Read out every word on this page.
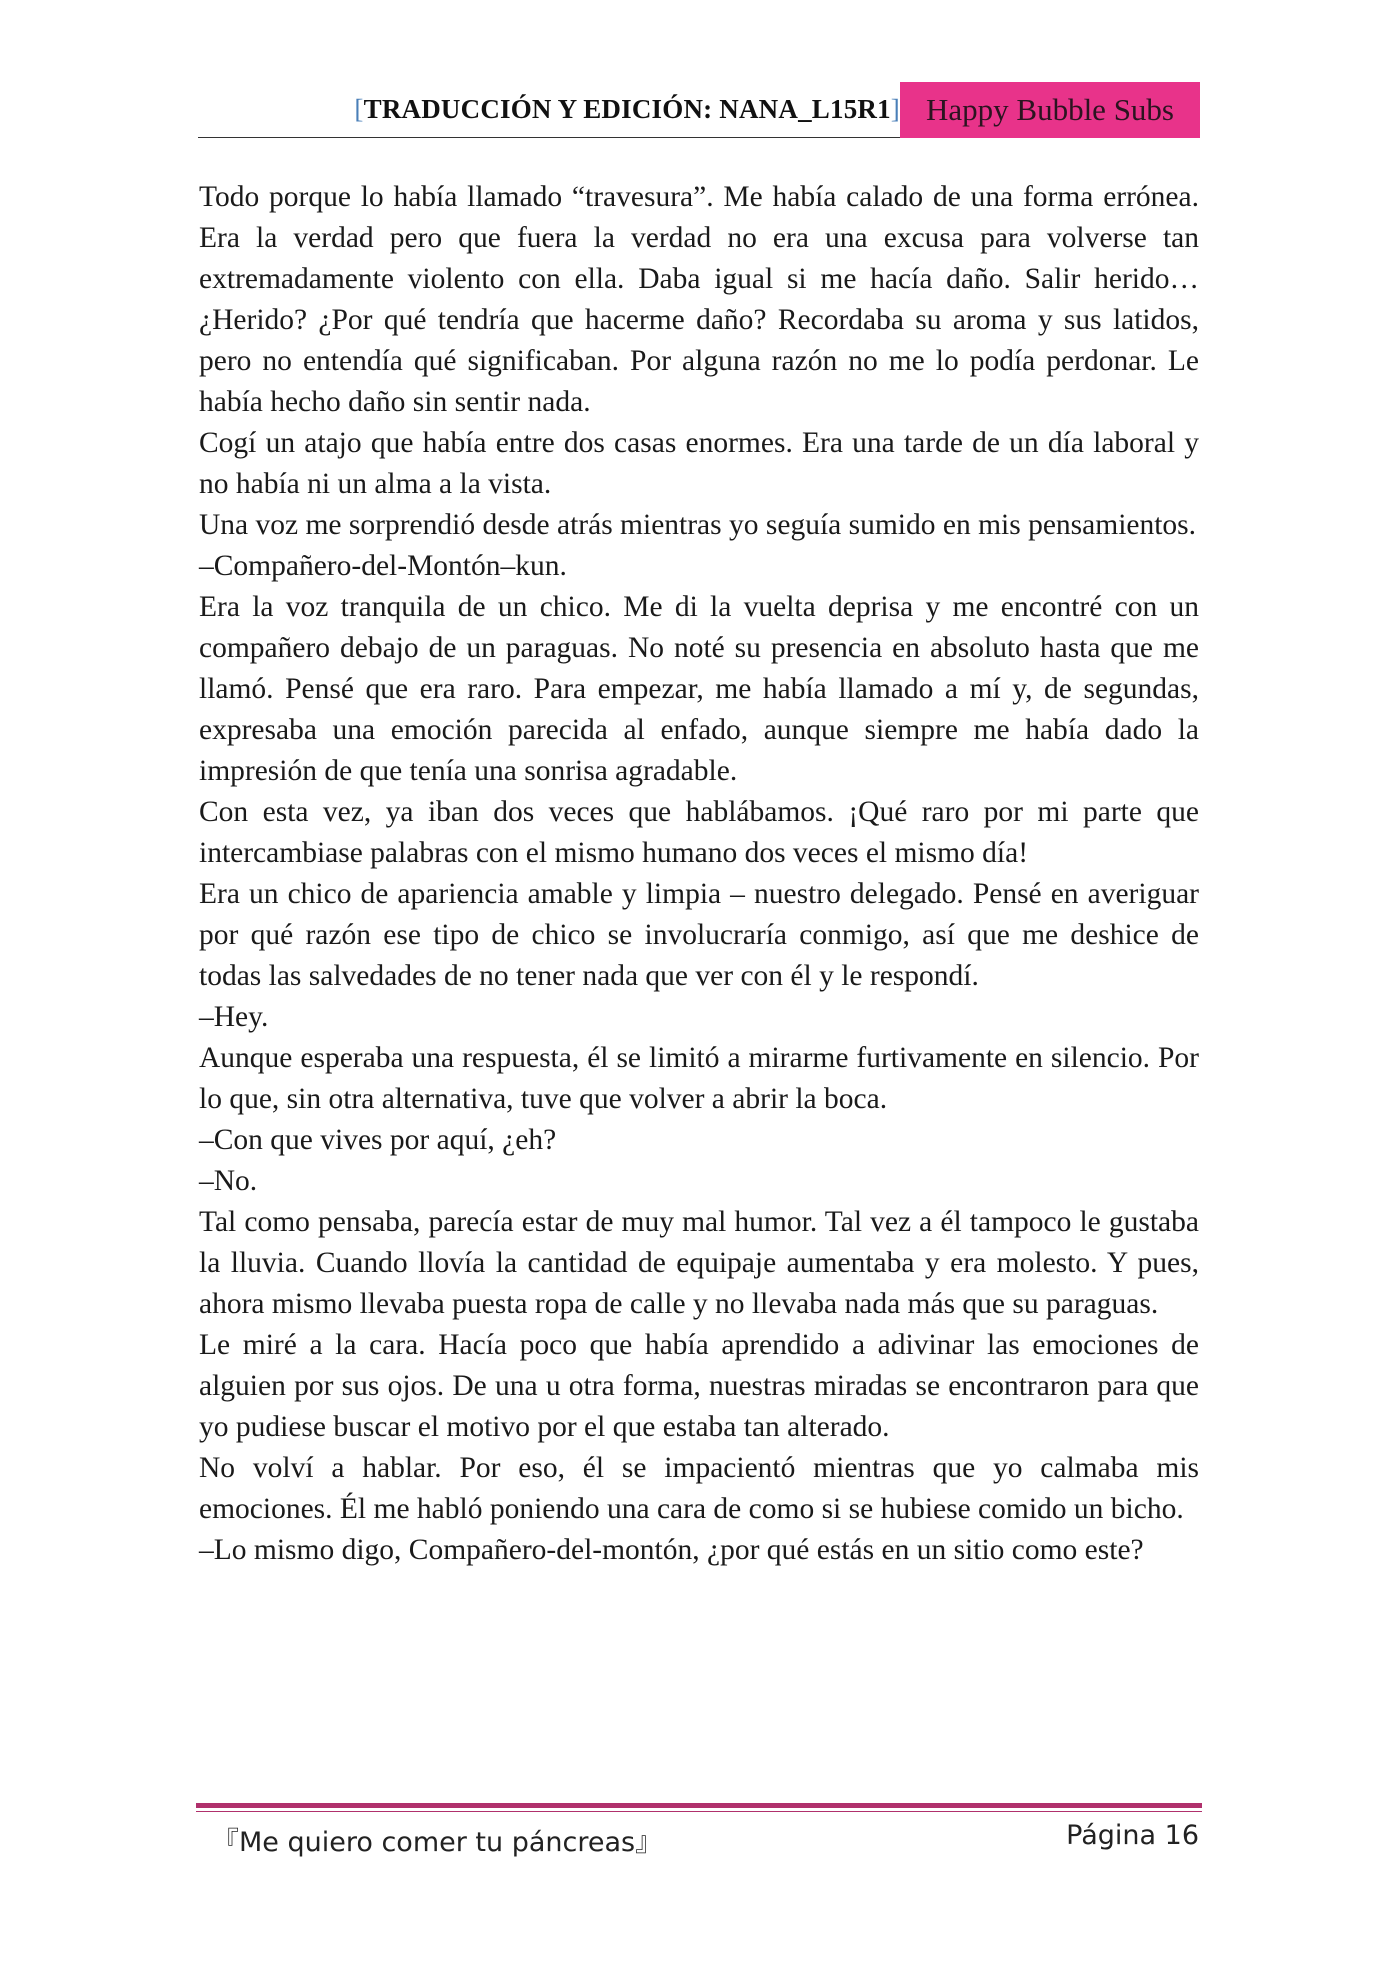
[TRADUCCIÓN Y EDICIÓN: NANA_L15R1] Happy Bubble Subs

Todo porque lo había llamado “travesura”. Me había calado de una forma errónea. Era la verdad pero que fuera la verdad no era una excusa para volverse tan extremadamente violento con ella. Daba igual si me hacía daño. Salir herido… ¿Herido? ¿Por qué tendría que hacerme daño? Recordaba su aroma y sus latidos, pero no entendía qué significaban. Por alguna razón no me lo podía perdonar. Le había hecho daño sin sentir nada.

Cogí un atajo que había entre dos casas enormes. Era una tarde de un día laboral y no había ni un alma a la vista.

Una voz me sorprendió desde atrás mientras yo seguía sumido en mis pensamientos.

–Compañero-del-Montón–kun.

Era la voz tranquila de un chico. Me di la vuelta deprisa y me encontré con un compañero debajo de un paraguas. No noté su presencia en absoluto hasta que me llamó. Pensé que era raro. Para empezar, me había llamado a mí y, de segundas, expresaba una emoción parecida al enfado, aunque siempre me había dado la impresión de que tenía una sonrisa agradable.

Con esta vez, ya iban dos veces que hablábamos. ¡Qué raro por mi parte que intercambiase palabras con el mismo humano dos veces el mismo día!

Era un chico de apariencia amable y limpia – nuestro delegado. Pensé en averiguar por qué razón ese tipo de chico se involucraría conmigo, así que me deshice de todas las salvedades de no tener nada que ver con él y le respondí.

–Hey.

Aunque esperaba una respuesta, él se limitó a mirarme furtivamente en silencio. Por lo que, sin otra alternativa, tuve que volver a abrir la boca.

–Con que vives por aquí, ¿eh?

–No.

Tal como pensaba, parecía estar de muy mal humor. Tal vez a él tampoco le gustaba la lluvia. Cuando llovía la cantidad de equipaje aumentaba y era molesto. Y pues, ahora mismo llevaba puesta ropa de calle y no llevaba nada más que su paraguas.

Le miré a la cara. Hacía poco que había aprendido a adivinar las emociones de alguien por sus ojos. De una u otra forma, nuestras miradas se encontraron para que yo pudiese buscar el motivo por el que estaba tan alterado.

No volví a hablar. Por eso, él se impacientó mientras que yo calmaba mis emociones. Él me habló poniendo una cara de como si se hubiese comido un bicho.

–Lo mismo digo, Compañero-del-montón, ¿por qué estás en un sitio como este?

『Me quiero comer tu páncreas』	Página 16
